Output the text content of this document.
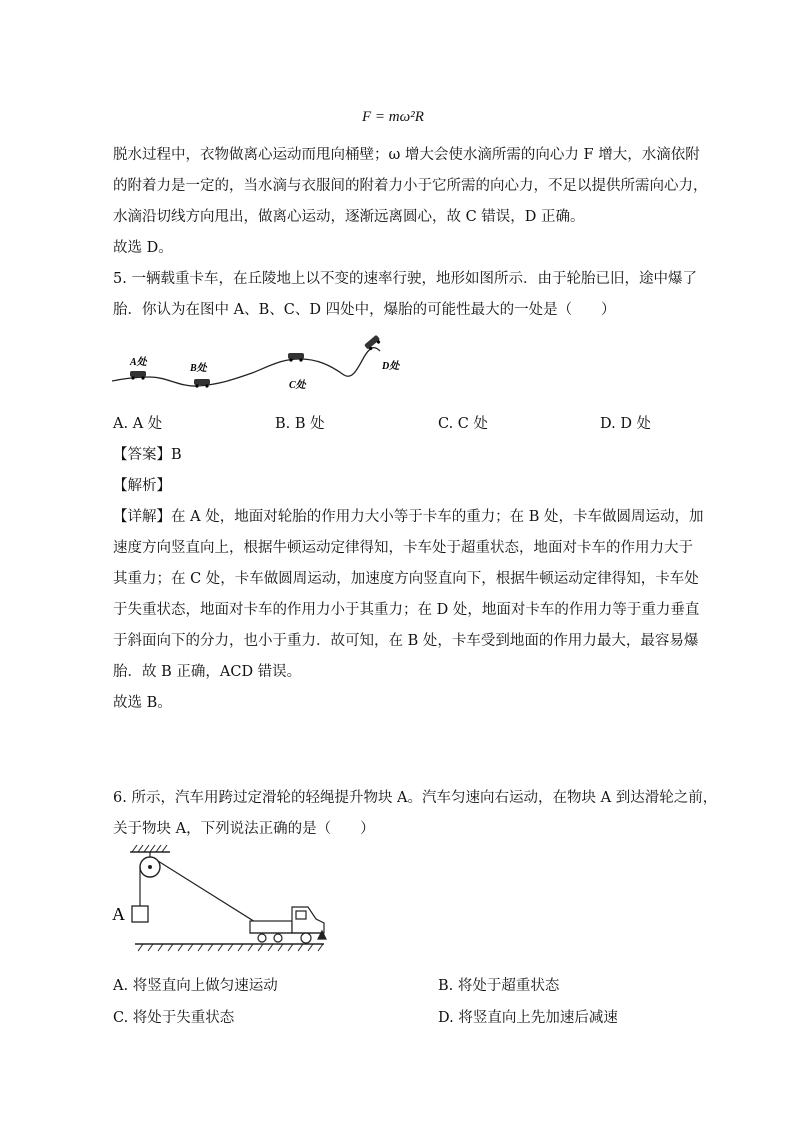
F = mω²R
脱水过程中，衣物做离心运动而甩向桶壁；ω 增大会使水滴所需的向心力 F 增大，水滴依附
的附着力是一定的，当水滴与衣服间的附着力小于它所需的向心力，不足以提供所需向心力，
水滴沿切线方向甩出，做离心运动，逐渐远离圆心，故 C 错误，D 正确。
故选 D。
5. 一辆载重卡车，在丘陵地上以不变的速率行驶，地形如图所示．由于轮胎已旧，途中爆了
胎．你认为在图中 A、B、C、D 四处中，爆胎的可能性最大的一处是（　　）
A处
B处
C处
D处
A. A 处	B. B 处	C. C 处	D. D 处
【答案】B
【解析】
【详解】在 A 处，地面对轮胎的作用力大小等于卡车的重力；在 B 处，卡车做圆周运动，加
速度方向竖直向上，根据牛顿运动定律得知，卡车处于超重状态，地面对卡车的作用力大于
其重力；在 C 处，卡车做圆周运动，加速度方向竖直向下，根据牛顿运动定律得知，卡车处
于失重状态，地面对卡车的作用力小于其重力；在 D 处，地面对卡车的作用力等于重力垂直
于斜面向下的分力，也小于重力．故可知，在 B 处，卡车受到地面的作用力最大，最容易爆
胎．故 B 正确，ACD 错误。
故选 B。
6. 所示，汽车用跨过定滑轮的轻绳提升物块 A。汽车匀速向右运动，在物块 A 到达滑轮之前，
关于物块 A，下列说法正确的是（　　）
A
A. 将竖直向上做匀速运动	B. 将处于超重状态
C. 将处于失重状态	D. 将竖直向上先加速后减速
